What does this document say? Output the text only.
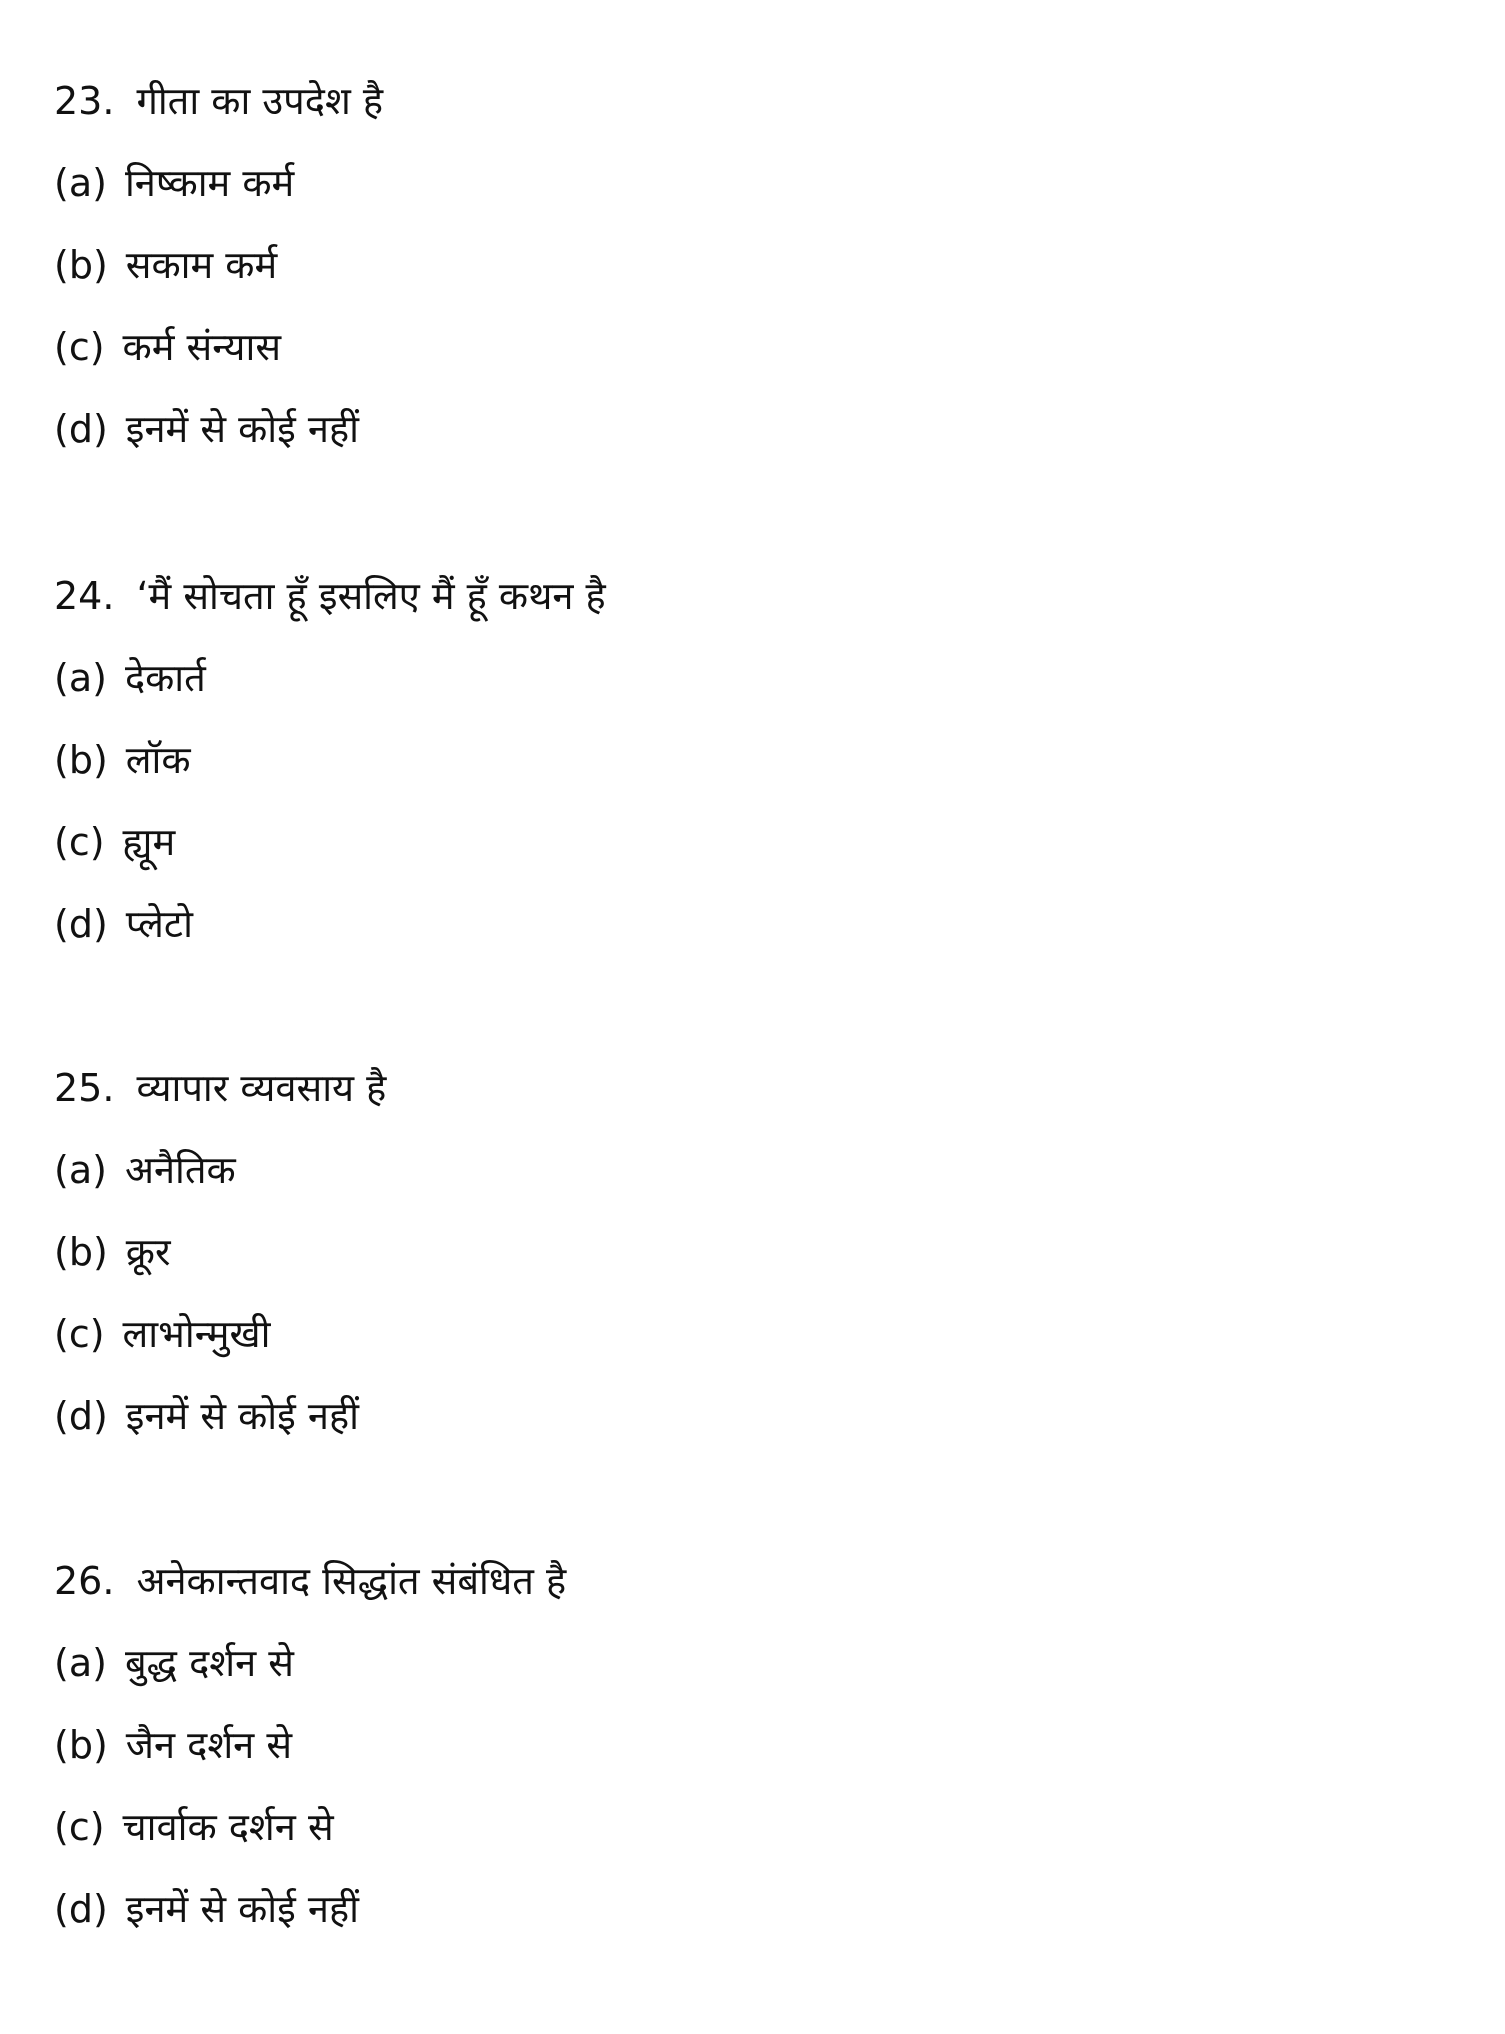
23. गीता का उपदेश है
(a) निष्काम कर्म
(b) सकाम कर्म
(c) कर्म संन्यास
(d) इनमें से कोई नहीं
24. ‘मैं सोचता हूँ इसलिए मैं हूँ कथन है
(a) देकार्त
(b) लॉक
(c) ह्यूम
(d) प्लेटो
25. व्यापार व्यवसाय है
(a) अनैतिक
(b) क्रूर
(c) लाभोन्मुखी
(d) इनमें से कोई नहीं
26. अनेकान्तवाद सिद्धांत संबंधित है
(a) बुद्ध दर्शन से
(b) जैन दर्शन से
(c) चार्वाक दर्शन से
(d) इनमें से कोई नहीं
